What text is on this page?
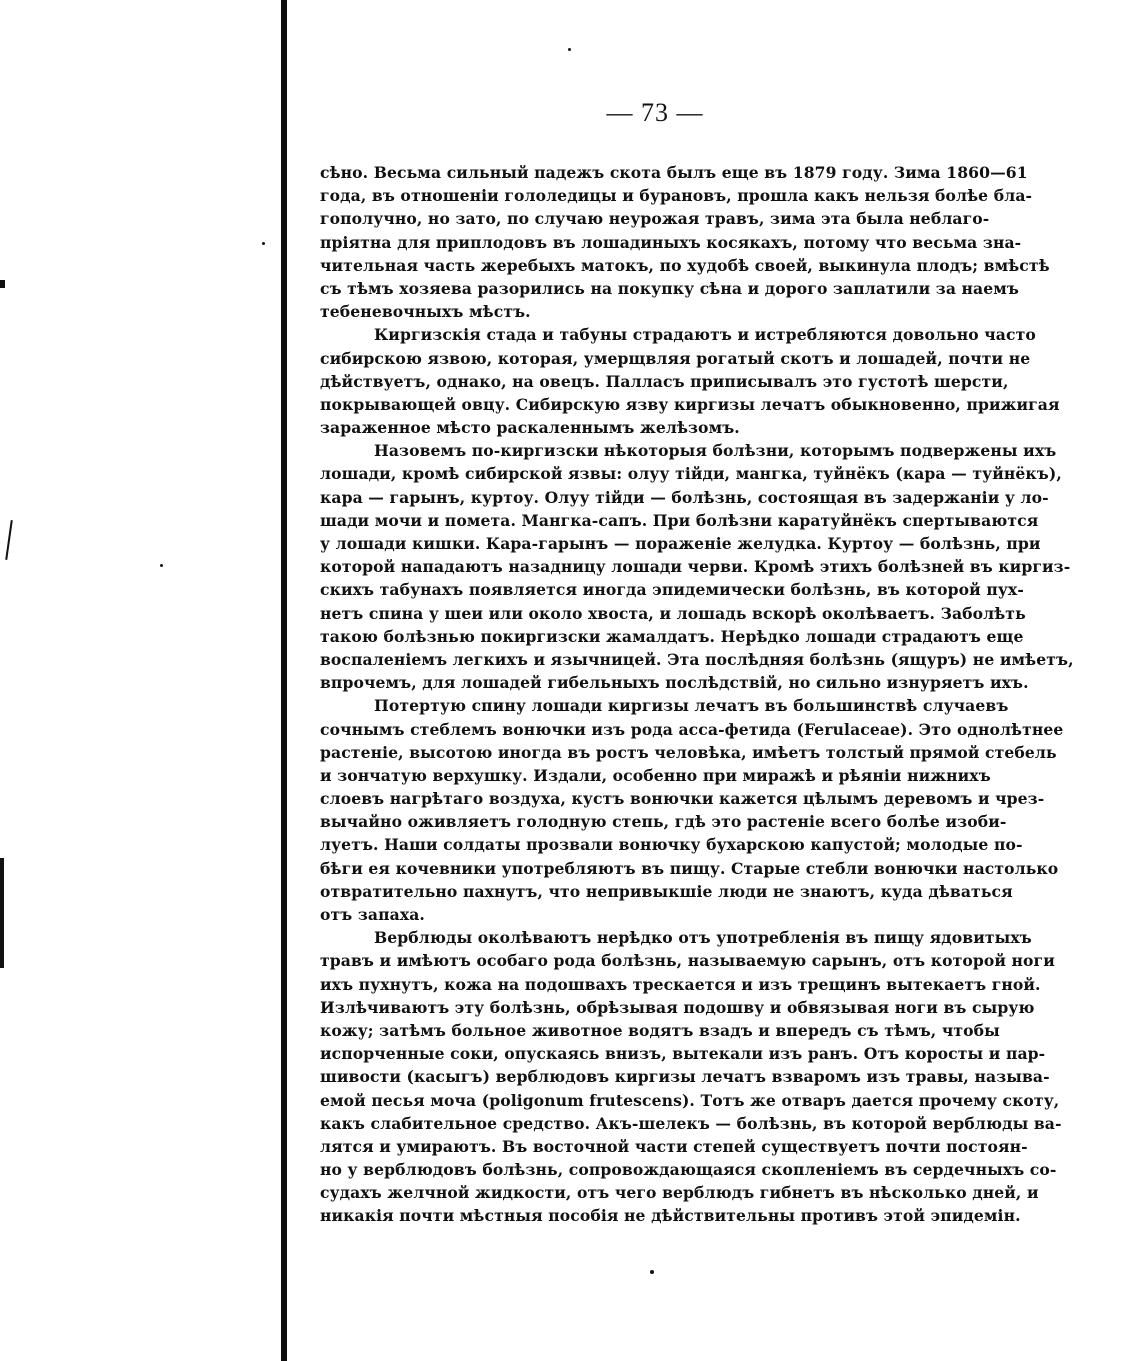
— 73 —
сѣно. Весьма сильный падежъ скота былъ еще въ 1879 году. Зима 1860—61
года, въ отношеніи гололедицы и бурановъ, прошла какъ нельзя болѣе бла-
гополучно, но зато, по случаю неурожая травъ, зима эта была неблаго-
пріятна для приплодовъ въ лошадиныхъ косякахъ, потому что весьма зна-
чительная часть жеребыхъ матокъ, по худобѣ своей, выкинула плодъ; вмѣстѣ
съ тѣмъ хозяева разорились на покупку сѣна и дорого заплатили за наемъ
тебеневочныхъ мѣстъ.
Киргизскія стада и табуны страдаютъ и истребляются довольно часто
сибирскою язвою, которая, умерщвляя рогатый скотъ и лошадей, почти не
дѣйствуетъ, однако, на овецъ. Палласъ приписывалъ это густотѣ шерсти,
покрывающей овцу. Сибирскую язву киргизы лечатъ обыкновенно, прижигая
зараженное мѣсто раскаленнымъ желѣзомъ.
Назовемъ по-киргизски нѣкоторыя болѣзни, которымъ подвержены ихъ
лошади, кромѣ сибирской язвы: олуу тійди, мангка, туйнёкъ (кара — туйнёкъ),
кара — гарынъ, куртоу. Олуу тійди — болѣзнь, состоящая въ задержаніи у ло-
шади мочи и помета. Мангка-сапъ. При болѣзни каратуйнёкъ спертываются
у лошади кишки. Кара-гарынъ — пораженіе желудка. Куртоу — болѣзнь, при
которой нападаютъ назадницу лошади черви. Кромѣ этихъ болѣзней въ киргиз-
скихъ табунахъ появляется иногда эпидемически болѣзнь, въ которой пух-
нетъ спина у шеи или около хвоста, и лошадь вскорѣ околѣваетъ. Заболѣть
такою болѣзнью покиргизски жамалдатъ. Нерѣдко лошади страдаютъ еще
воспаленіемъ легкихъ и язычницей. Эта послѣдняя болѣзнь (ящуръ) не имѣетъ,
впрочемъ, для лошадей гибельныхъ послѣдствій, но сильно изнуряетъ ихъ.
Потертую спину лошади киргизы лечатъ въ большинствѣ случаевъ
сочнымъ стеблемъ вонючки изъ рода асса-фетида (Ferulaceae). Это однолѣтнее
растеніе, высотою иногда въ ростъ человѣка, имѣетъ толстый прямой стебель
и зончатую верхушку. Издали, особенно при миражѣ и рѣяніи нижнихъ
слоевъ нагрѣтаго воздуха, кустъ вонючки кажется цѣлымъ деревомъ и чрез-
вычайно оживляетъ голодную степь, гдѣ это растеніе всего болѣе изоби-
луетъ. Наши солдаты прозвали вонючку бухарскою капустой; молодые по-
бѣги ея кочевники употребляютъ въ пищу. Старые стебли вонючки настолько
отвратительно пахнутъ, что непривыкшіе люди не знаютъ, куда дѣваться
отъ запаха.
Верблюды околѣваютъ нерѣдко отъ употребленія въ пищу ядовитыхъ
травъ и имѣютъ особаго рода болѣзнь, называемую сарынъ, отъ которой ноги
ихъ пухнутъ, кожа на подошвахъ трескается и изъ трещинъ вытекаетъ гной.
Излѣчиваютъ эту болѣзнь, обрѣзывая подошву и обвязывая ноги въ сырую
кожу; затѣмъ больное животное водятъ взадъ и впередъ съ тѣмъ, чтобы
испорченные соки, опускаясь внизъ, вытекали изъ ранъ. Отъ коросты и пар-
шивости (касыгъ) верблюдовъ киргизы лечатъ взваромъ изъ травы, называ-
емой песья моча (poligonum frutescens). Тотъ же отваръ дается прочему скоту,
какъ слабительное средство. Акъ-шелекъ — болѣзнь, въ которой верблюды ва-
лятся и умираютъ. Въ восточной части степей существуетъ почти постоян-
но у верблюдовъ болѣзнь, сопровождающаяся скопленіемъ въ сердечныхъ со-
судахъ желчной жидкости, отъ чего верблюдъ гибнетъ въ нѣсколько дней, и
никакія почти мѣстныя пособія не дѣйствительны противъ этой эпидемін.
